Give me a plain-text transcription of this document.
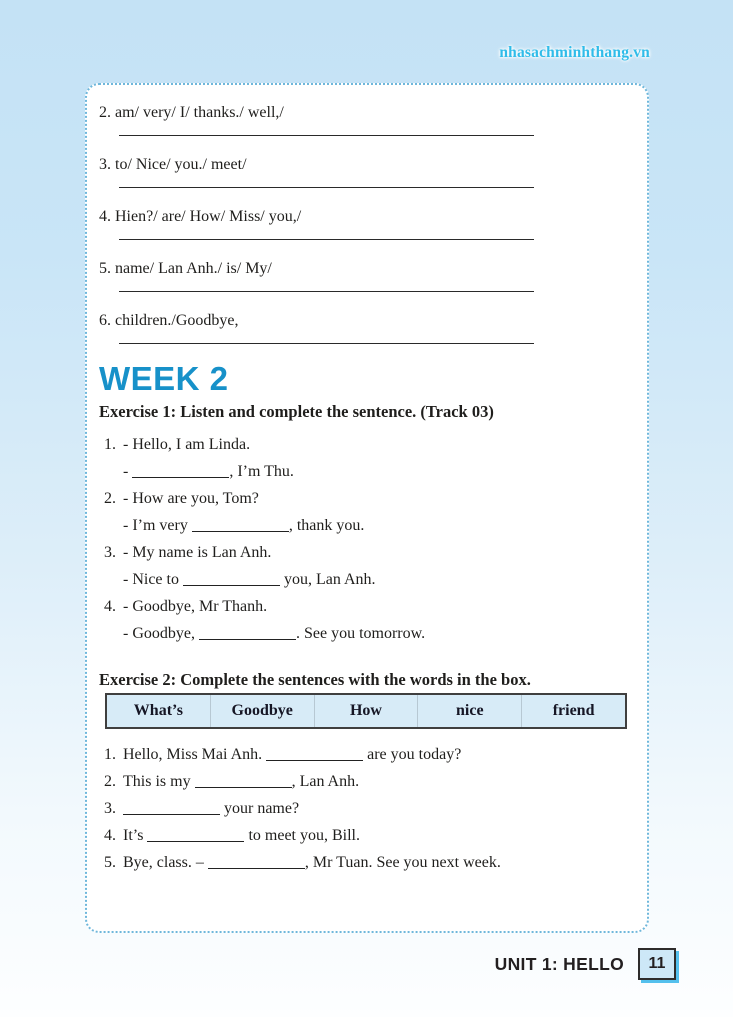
nhasachminhthang.vn
2. am/ very/ I/ thanks./ well,/
3. to/ Nice/ you./ meet/
4. Hien?/ are/ How/ Miss/ you,/
5. name/ Lan Anh./ is/ My/
6. children./Goodbye,
WEEK 2
Exercise 1: Listen and complete the sentence. (Track 03)
1. - Hello, I am Linda.
-	, I’m Thu.
2. - How are you, Tom?
- I’m very	, thank you.
3. - My name is Lan Anh.
- Nice to	you, Lan Anh.
4. - Goodbye, Mr Thanh.
- Goodbye,	. See you tomorrow.
Exercise 2: Complete the sentences with the words in the box.
What’s	Goodbye	How	nice	friend
1. Hello, Miss Mai Anh.	are you today?
2. This is my	, Lan Anh.
3.	your name?
4. It’s	to meet you, Bill.
5. Bye, class. –	, Mr Tuan. See you next week.
UNIT 1: HELLO 11
